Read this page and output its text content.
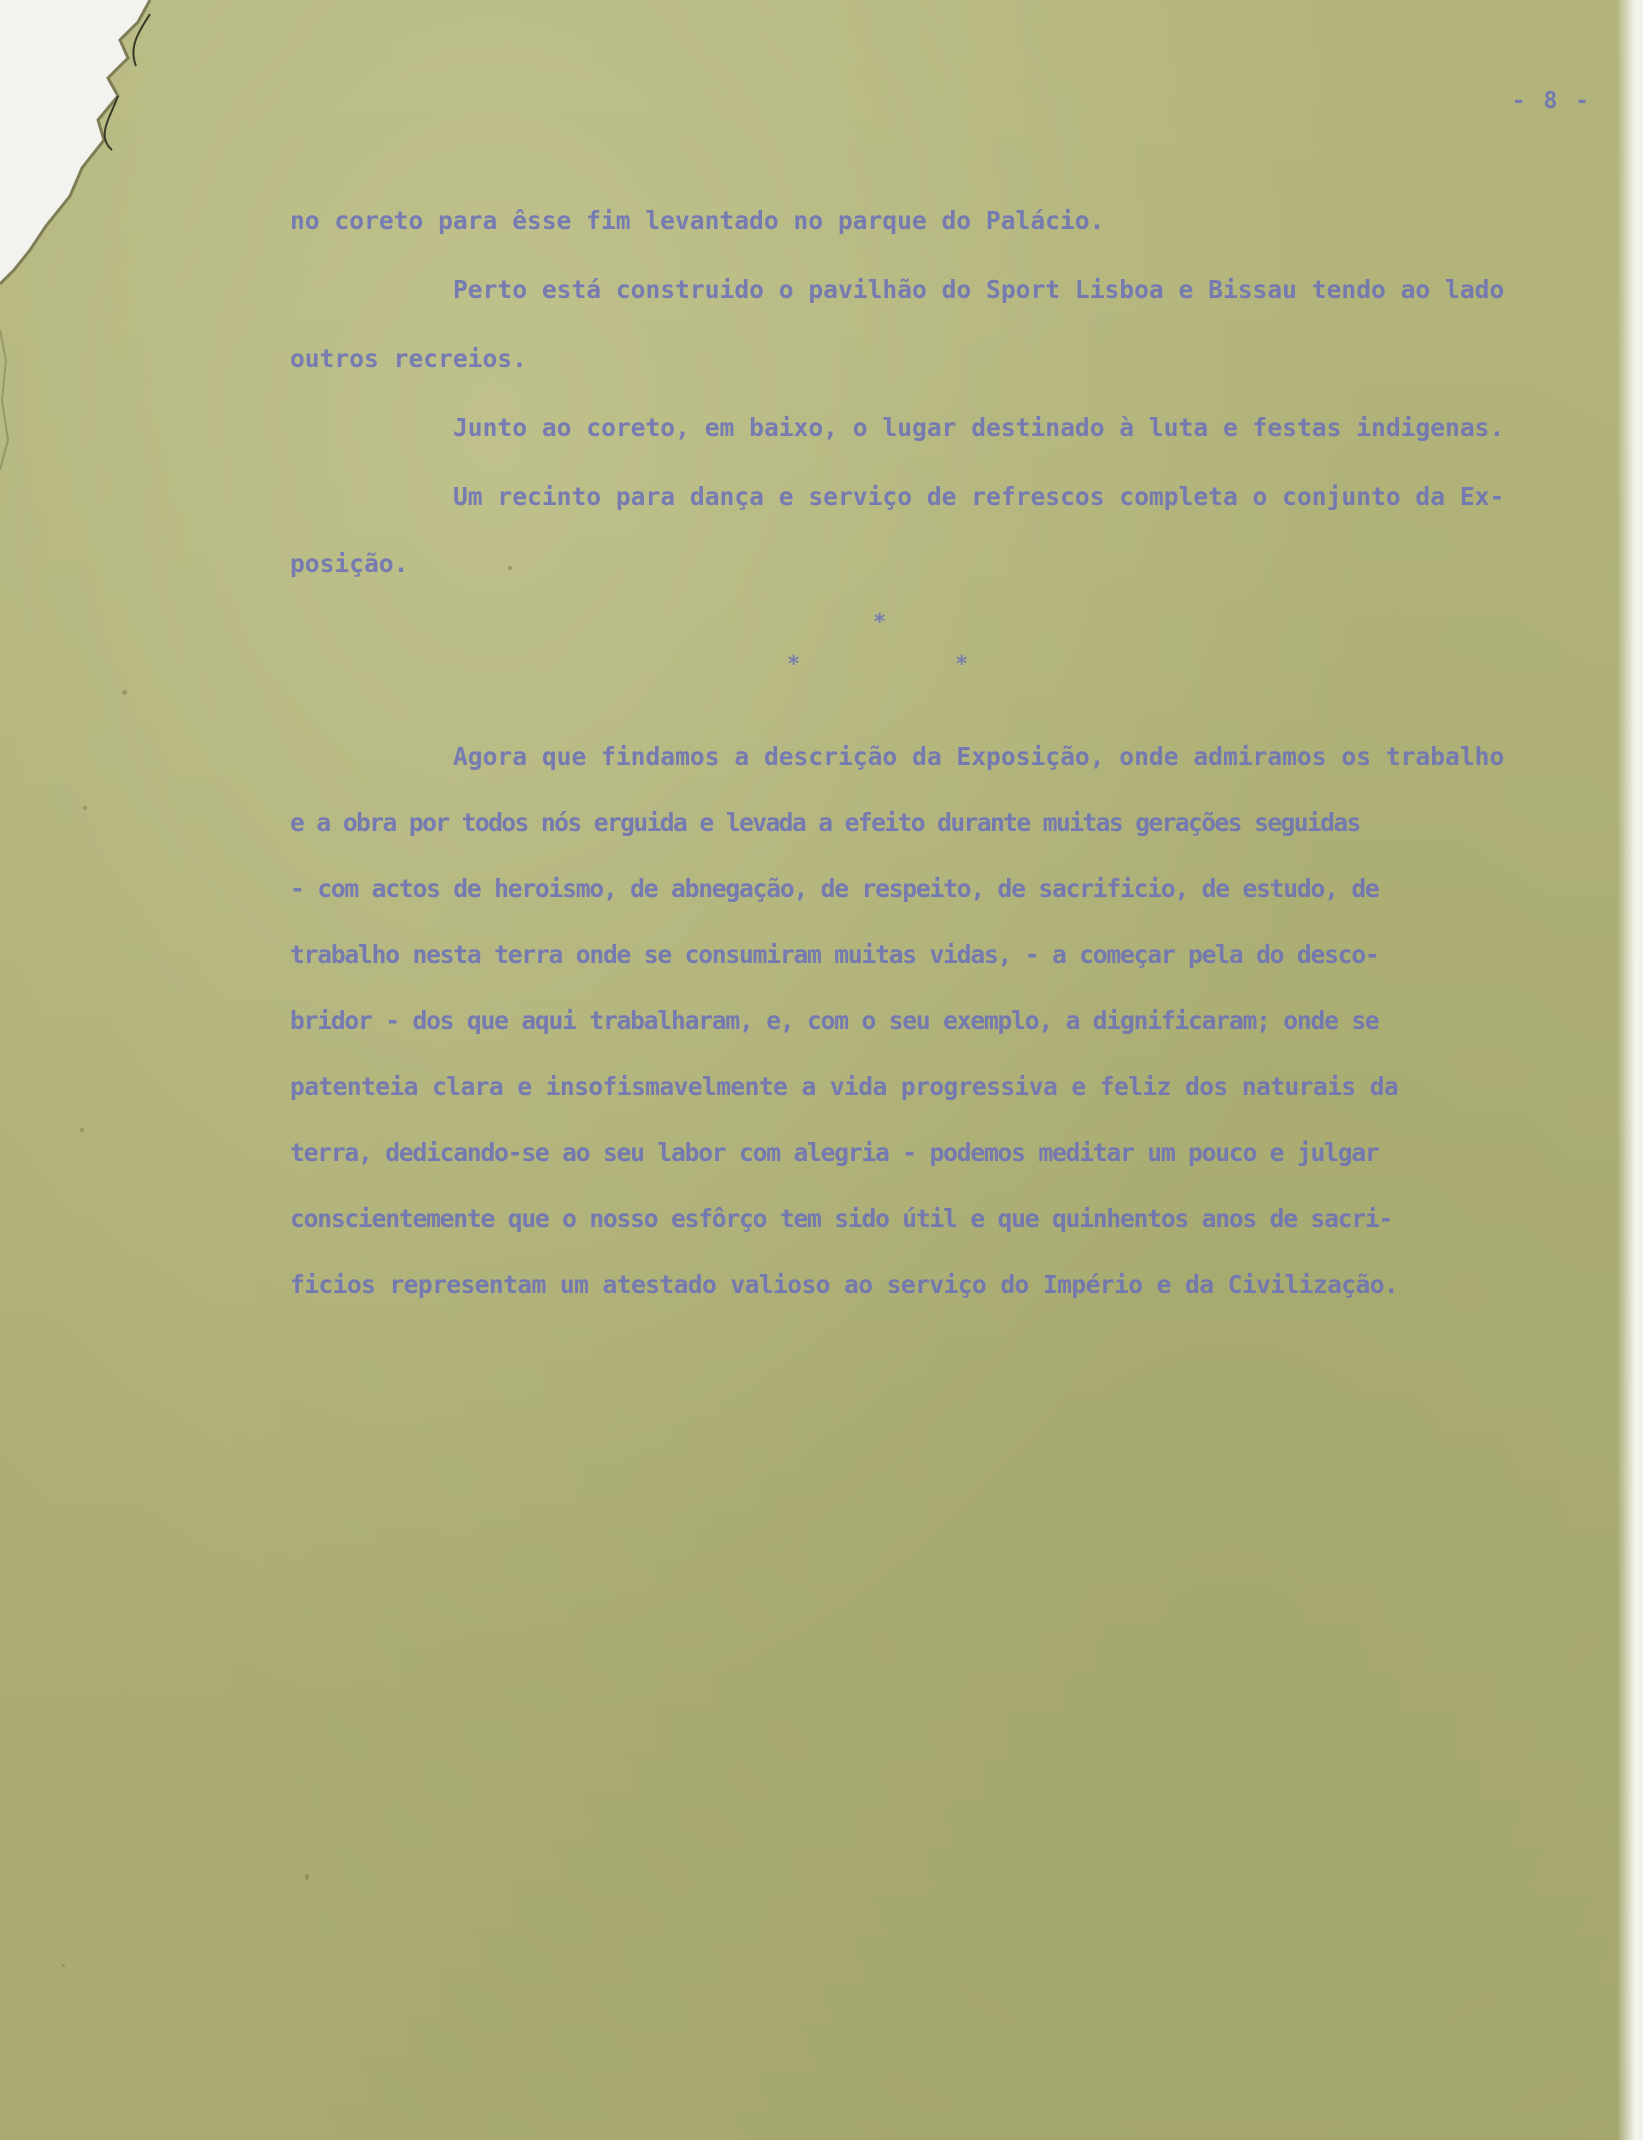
- 8 -

no coreto para êsse fim levantado no parque do Palácio.

Perto está construido o pavilhão do Sport Lisboa e Bissau tendo ao lado

outros recreios.

Junto ao coreto, em baixo, o lugar destinado à luta e festas indigenas.

Um recinto para dança e serviço de refrescos completa o conjunto da Ex-

posição.

Agora que findamos a descrição da Exposição, onde admiramos os trabalho

e a obra por todos nós erguida e levada a efeito durante muitas gerações seguidas

- com actos de heroismo, de abnegação, de respeito, de sacrificio, de estudo, de

trabalho nesta terra onde se consumiram muitas vidas, - a começar pela do desco-

bridor - dos que aqui trabalharam, e, com o seu exemplo, a dignificaram; onde se

patenteia clara e insofismavelmente a vida progressiva e feliz dos naturais da

terra, dedicando-se ao seu labor com alegria - podemos meditar um pouco e julgar

conscientemente que o nosso esfôrço tem sido útil e que quinhentos anos de sacri-

ficios representam um atestado valioso ao serviço do Império e da Civilização.

*
*	*
